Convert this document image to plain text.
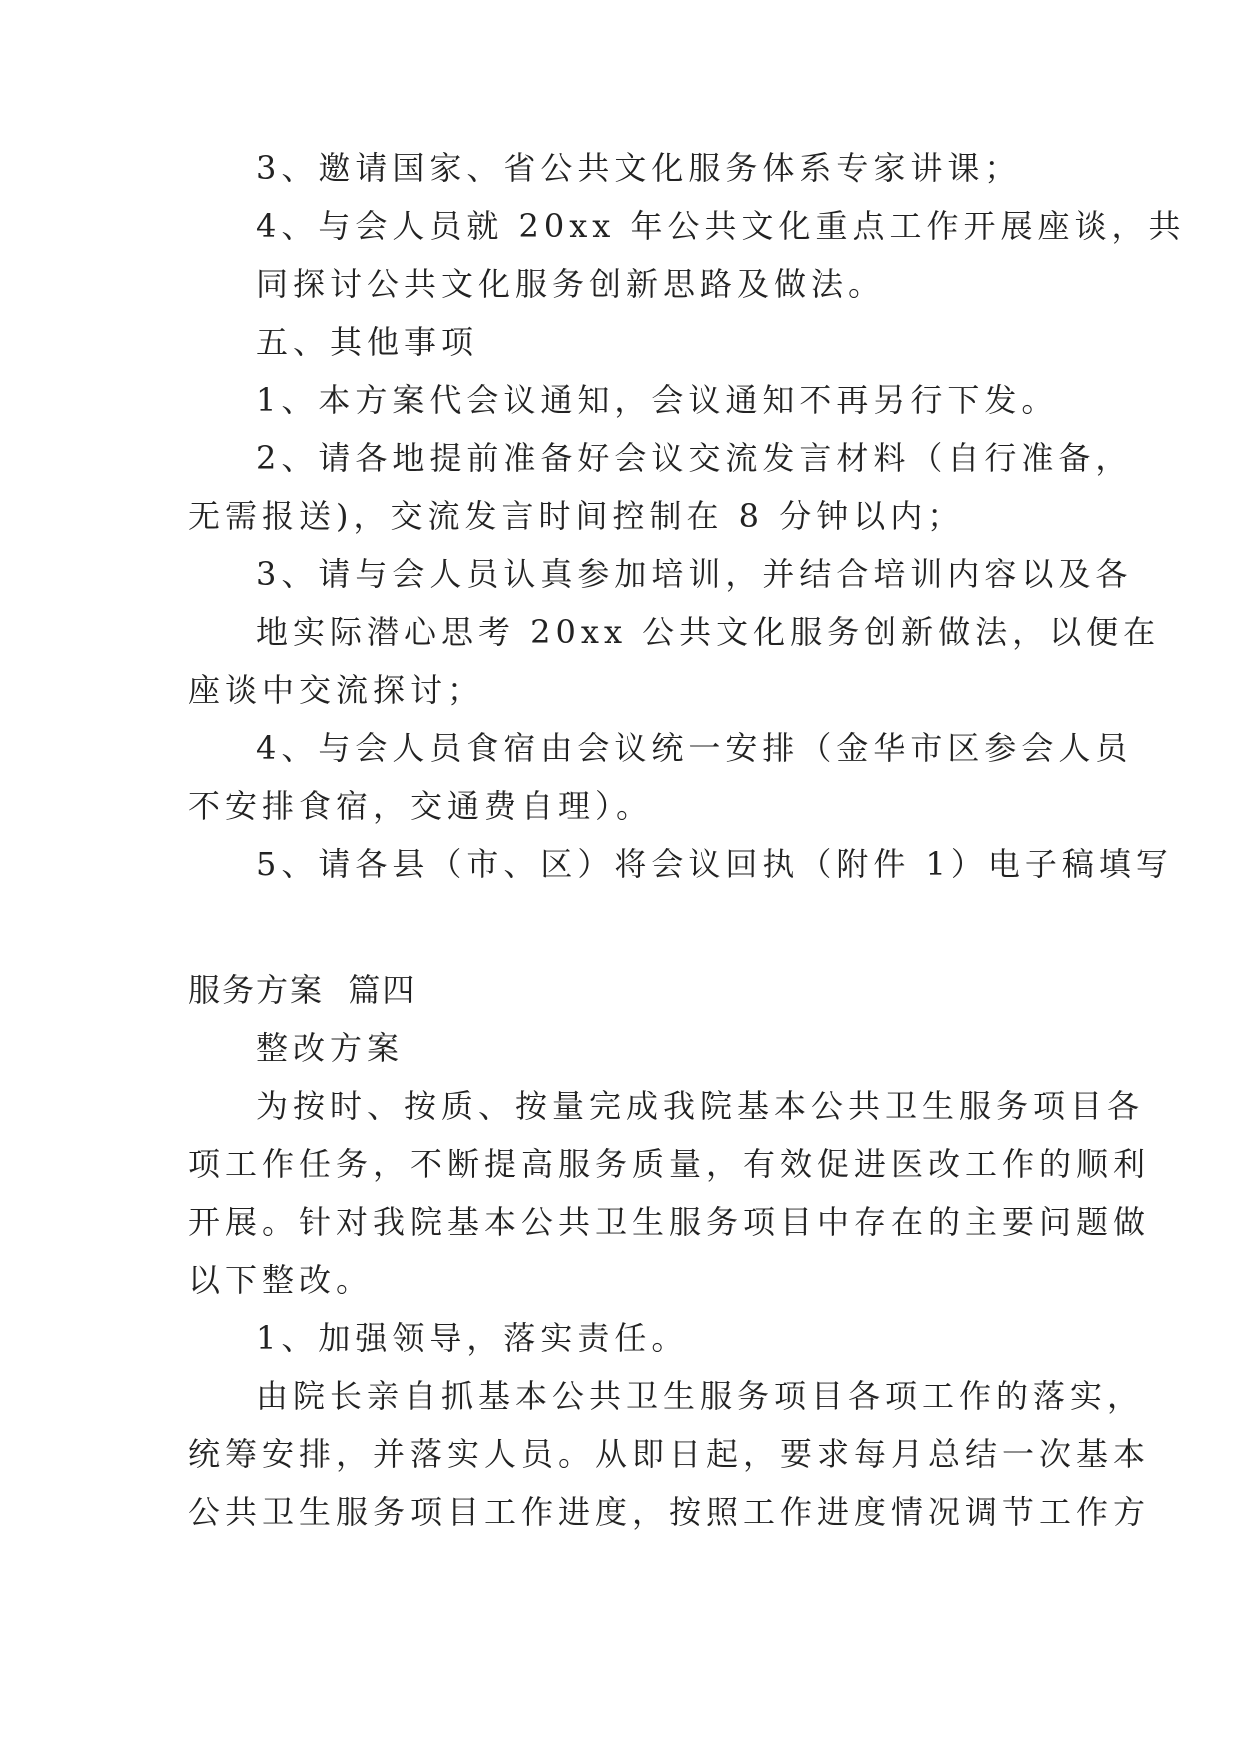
3、邀请国家、省公共文化服务体系专家讲课；

4、与会人员就 20xx 年公共文化重点工作开展座谈，共

同探讨公共文化服务创新思路及做法。

五、其他事项

1、本方案代会议通知，会议通知不再另行下发。

2、请各地提前准备好会议交流发言材料（自行准备，

无需报送)，交流发言时间控制在 8 分钟以内；

3、请与会人员认真参加培训，并结合培训内容以及各

地实际潜心思考 20xx 公共文化服务创新做法，以便在

座谈中交流探讨；

4、与会人员食宿由会议统一安排（金华市区参会人员

不安排食宿，交通费自理）。

5、请各县（市、区）将会议回执（附件 1）电子稿填写

服务方案  篇四

整改方案

为按时、按质、按量完成我院基本公共卫生服务项目各

项工作任务，不断提高服务质量，有效促进医改工作的顺利

开展。针对我院基本公共卫生服务项目中存在的主要问题做

以下整改。

1、加强领导，落实责任。

由院长亲自抓基本公共卫生服务项目各项工作的落实，

统筹安排，并落实人员。从即日起，要求每月总结一次基本

公共卫生服务项目工作进度，按照工作进度情况调节工作方
